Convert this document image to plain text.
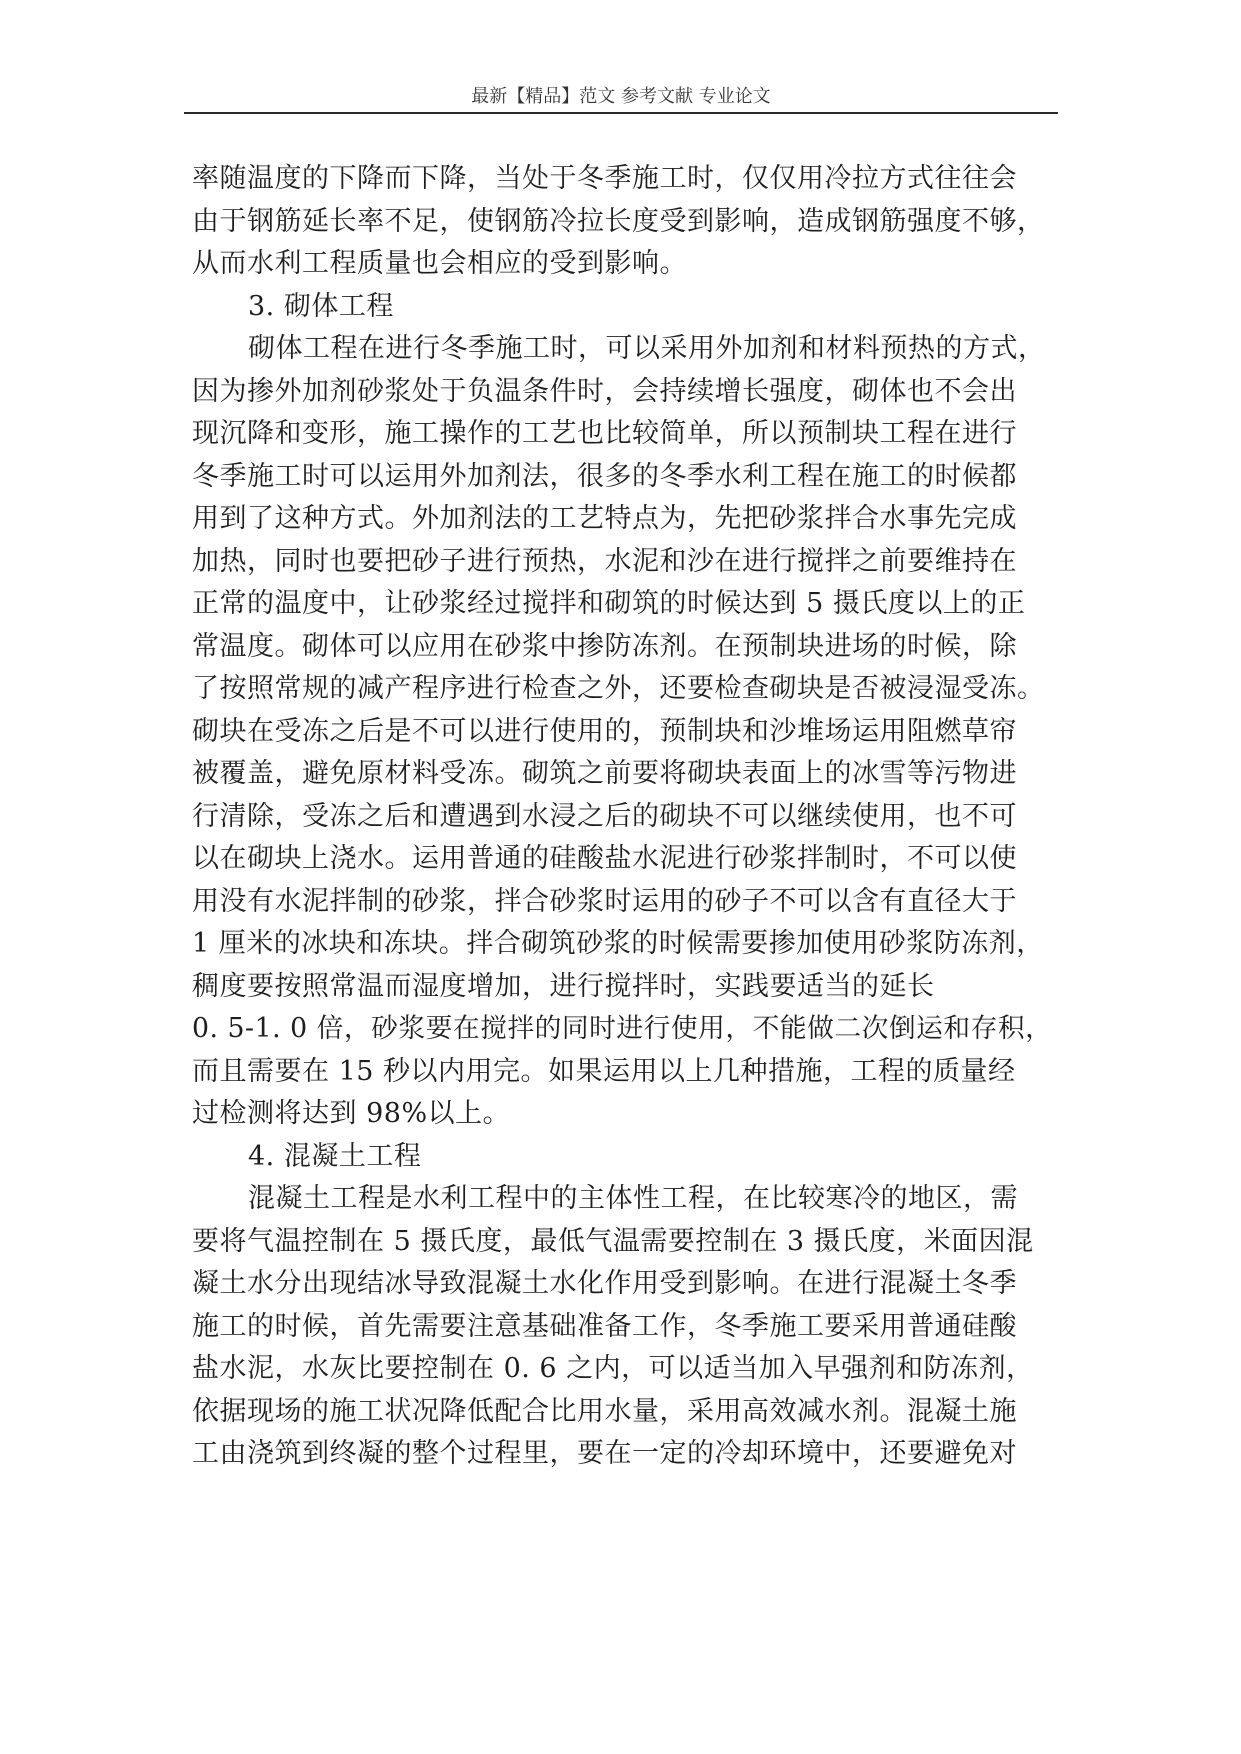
最新【精品】范文 参考文献 专业论文
率随温度的下降而下降，当处于冬季施工时，仅仅用冷拉方式往往会
由于钢筋延长率不足，使钢筋冷拉长度受到影响，造成钢筋强度不够，
从而水利工程质量也会相应的受到影响。
3. 砌体工程
砌体工程在进行冬季施工时，可以采用外加剂和材料预热的方式，
因为掺外加剂砂浆处于负温条件时，会持续增长强度，砌体也不会出
现沉降和变形，施工操作的工艺也比较简单，所以预制块工程在进行
冬季施工时可以运用外加剂法，很多的冬季水利工程在施工的时候都
用到了这种方式。外加剂法的工艺特点为，先把砂浆拌合水事先完成
加热，同时也要把砂子进行预热，水泥和沙在进行搅拌之前要维持在
正常的温度中，让砂浆经过搅拌和砌筑的时候达到 5 摄氏度以上的正
常温度。砌体可以应用在砂浆中掺防冻剂。在预制块进场的时候，除
了按照常规的减产程序进行检查之外，还要检查砌块是否被浸湿受冻。
砌块在受冻之后是不可以进行使用的，预制块和沙堆场运用阻燃草帘
被覆盖，避免原材料受冻。砌筑之前要将砌块表面上的冰雪等污物进
行清除，受冻之后和遭遇到水浸之后的砌块不可以继续使用，也不可
以在砌块上浇水。运用普通的硅酸盐水泥进行砂浆拌制时，不可以使
用没有水泥拌制的砂浆，拌合砂浆时运用的砂子不可以含有直径大于
1 厘米的冰块和冻块。拌合砌筑砂浆的时候需要掺加使用砂浆防冻剂，
稠度要按照常温而湿度增加，进行搅拌时，实践要适当的延长
0. 5-1. 0 倍，砂浆要在搅拌的同时进行使用，不能做二次倒运和存积，
而且需要在 15 秒以内用完。如果运用以上几种措施，工程的质量经
过检测将达到 98%以上。
4. 混凝土工程
混凝土工程是水利工程中的主体性工程，在比较寒冷的地区，需
要将气温控制在 5 摄氏度，最低气温需要控制在 3 摄氏度，米面因混
凝土水分出现结冰导致混凝土水化作用受到影响。在进行混凝土冬季
施工的时候，首先需要注意基础准备工作，冬季施工要采用普通硅酸
盐水泥，水灰比要控制在 0. 6 之内，可以适当加入早强剂和防冻剂，
依据现场的施工状况降低配合比用水量，采用高效减水剂。混凝土施
工由浇筑到终凝的整个过程里，要在一定的冷却环境中，还要避免对
